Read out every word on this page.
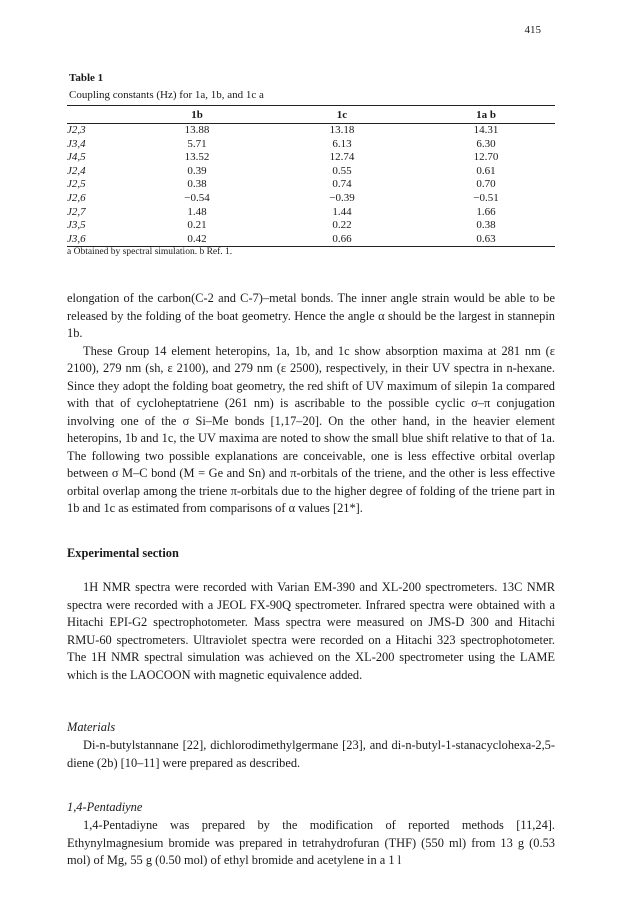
415
Table 1
Coupling constants (Hz) for 1a, 1b, and 1c a
	1b	1c	1a b
J2,3	13.88	13.18	14.31
J3,4	5.71	6.13	6.30
J4,5	13.52	12.74	12.70
J2,4	0.39	0.55	0.61
J2,5	0.38	0.74	0.70
J2,6	−0.54	−0.39	−0.51
J2,7	1.48	1.44	1.66
J3,5	0.21	0.22	0.38
J3,6	0.42	0.66	0.63
a Obtained by spectral simulation. b Ref. 1.

elongation of the carbon(C-2 and C-7)–metal bonds. The inner angle strain would be able to be released by the folding of the boat geometry. Hence the angle α should be the largest in stannepin 1b.

These Group 14 element heteropins, 1a, 1b, and 1c show absorption maxima at 281 nm (ε 2100), 279 nm (sh, ε 2100), and 279 nm (ε 2500), respectively, in their UV spectra in n-hexane. Since they adopt the folding boat geometry, the red shift of UV maximum of silepin 1a compared with that of cycloheptatriene (261 nm) is ascribable to the possible cyclic σ–π conjugation involving one of the σ Si–Me bonds [1,17–20]. On the other hand, in the heavier element heteropins, 1b and 1c, the UV maxima are noted to show the small blue shift relative to that of 1a. The following two possible explanations are conceivable, one is less effective orbital overlap between σ M–C bond (M = Ge and Sn) and π-orbitals of the triene, and the other is less effective orbital overlap among the triene π-orbitals due to the higher degree of folding of the triene part in 1b and 1c as estimated from comparisons of α values [21*].

Experimental section

1H NMR spectra were recorded with Varian EM-390 and XL-200 spectrometers. 13C NMR spectra were recorded with a JEOL FX-90Q spectrometer. Infrared spectra were obtained with a Hitachi EPI-G2 spectrophotometer. Mass spectra were measured on JMS-D 300 and Hitachi RMU-60 spectrometers. Ultraviolet spectra were recorded on a Hitachi 323 spectrophotometer. The 1H NMR spectral simulation was achieved on the XL-200 spectrometer using the LAME which is the LAOCOON with magnetic equivalence added.

Materials

Di-n-butylstannane [22], dichlorodimethylgermane [23], and di-n-butyl-1-stanacyclohexa-2,5-diene (2b) [10–11] were prepared as described.

1,4-Pentadiyne

1,4-Pentadiyne was prepared by the modification of reported methods [11,24]. Ethynylmagnesium bromide was prepared in tetrahydrofuran (THF) (550 ml) from 13 g (0.53 mol) of Mg, 55 g (0.50 mol) of ethyl bromide and acetylene in a 1 l
